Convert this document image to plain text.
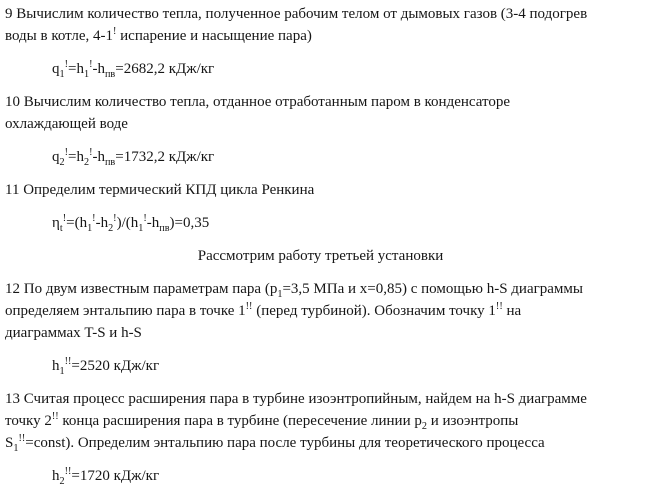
9 Вычислим количество тепла, полученное рабочим телом от дымовых газов (3-4 подогрев
воды в котле, 4-1! испарение и насыщение пара)
$q_1^!=h_1^!-h_{пв}=2682,2$ кДж/кг
10 Вычислим количество тепла, отданное отработанным паром в конденсаторе
охлаждающей воде
$q_2^!=h_2^!-h_{пв}=1732,2$ кДж/кг
11 Определим термический КПД цикла Ренкина
$\eta_t^!=(h_1^!-h_2^!)/(h_1^!-h_{пв})=0,35$
Рассмотрим работу третьей установки
12 По двум известным параметрам пара ($р_1=3,5$ МПа и х=0,85) с помощью h-S диаграммы
определяем энтальпию пара в точке 1!! (перед турбиной). Обозначим точку 1!! на
диаграммах T-S и h-S
$h_1^{!!}=2520$ кДж/кг
13 Считая процесс расширения пара в турбине изоэнтропийным, найдем на h-S диаграмме
точку 2!! конца расширения пара в турбине (пересечение линии $р_2$ и изоэнтропы
$S_1^{!!}=const$). Определим энтальпию пара после турбины для теоретического процесса
$h_2^{!!}=1720$ кДж/кг
